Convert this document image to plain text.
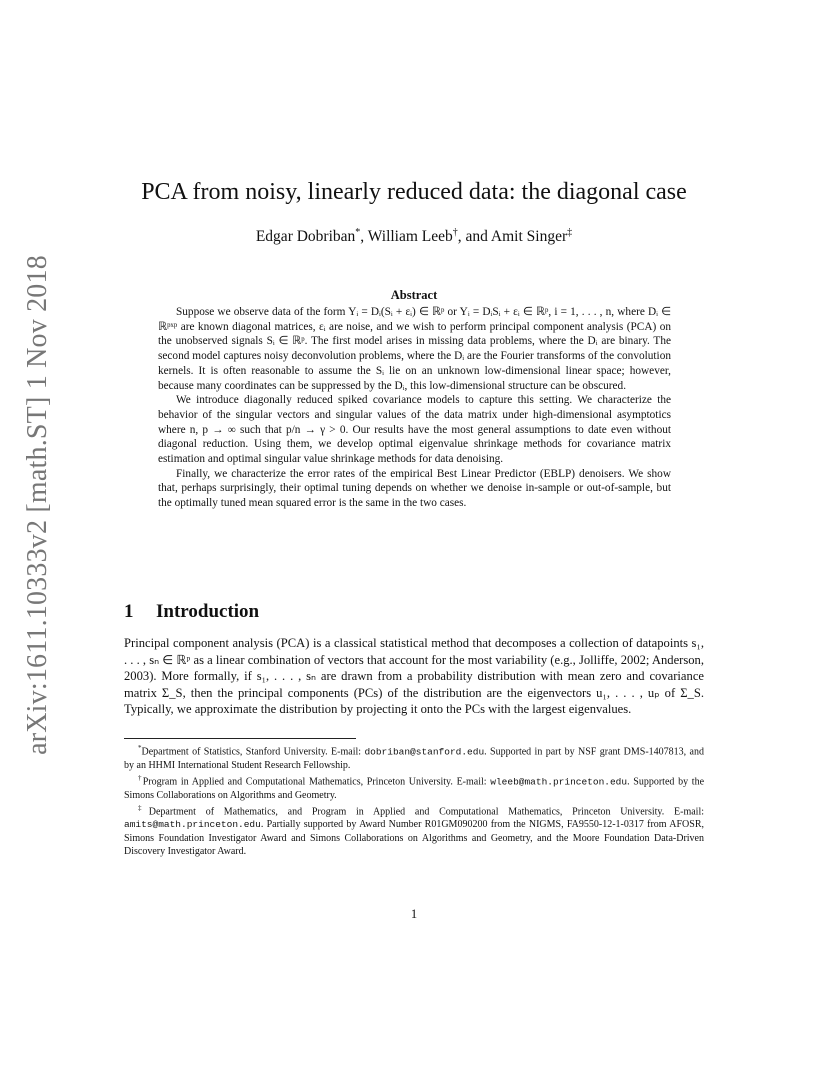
arXiv:1611.10333v2 [math.ST] 1 Nov 2018
PCA from noisy, linearly reduced data: the diagonal case
Edgar Dobriban*, William Leeb†, and Amit Singer‡
Abstract

Suppose we observe data of the form Yᵢ = Dᵢ(Sᵢ + εᵢ) ∈ ℝᵖ or Yᵢ = DᵢSᵢ + εᵢ ∈ ℝᵖ, i = 1, . . . , n, where Dᵢ ∈ ℝᵖˣᵖ are known diagonal matrices, εᵢ are noise, and we wish to perform principal component analysis (PCA) on the unobserved signals Sᵢ ∈ ℝᵖ. The first model arises in missing data problems, where the Dᵢ are binary. The second model captures noisy deconvolution problems, where the Dᵢ are the Fourier transforms of the convolution kernels. It is often reasonable to assume the Sᵢ lie on an unknown low-dimensional linear space; however, because many coordinates can be suppressed by the Dᵢ, this low-dimensional structure can be obscured.

We introduce diagonally reduced spiked covariance models to capture this setting. We characterize the behavior of the singular vectors and singular values of the data matrix under high-dimensional asymptotics where n, p → ∞ such that p/n → γ > 0. Our results have the most general assumptions to date even without diagonal reduction. Using them, we develop optimal eigenvalue shrinkage methods for covariance matrix estimation and optimal singular value shrinkage methods for data denoising.

Finally, we characterize the error rates of the empirical Best Linear Predictor (EBLP) denoisers. We show that, perhaps surprisingly, their optimal tuning depends on whether we denoise in-sample or out-of-sample, but the optimally tuned mean squared error is the same in the two cases.

1 Introduction

Principal component analysis (PCA) is a classical statistical method that decomposes a collection of datapoints s₁, . . . , sₙ ∈ ℝᵖ as a linear combination of vectors that account for the most variability (e.g., Jolliffe, 2002; Anderson, 2003). More formally, if s₁, . . . , sₙ are drawn from a probability distribution with mean zero and covariance matrix Σ_S, then the principal components (PCs) of the distribution are the eigenvectors u₁, . . . , uₚ of Σ_S. Typically, we approximate the distribution by projecting it onto the PCs with the largest eigenvalues.

*Department of Statistics, Stanford University. E-mail: dobriban@stanford.edu. Supported in part by NSF grant DMS-1407813, and by an HHMI International Student Research Fellowship.

†Program in Applied and Computational Mathematics, Princeton University. E-mail: wleeb@math.princeton.edu. Supported by the Simons Collaborations on Algorithms and Geometry.

‡Department of Mathematics, and Program in Applied and Computational Mathematics, Princeton University. E-mail: amits@math.princeton.edu. Partially supported by Award Number R01GM090200 from the NIGMS, FA9550-12-1-0317 from AFOSR, Simons Foundation Investigator Award and Simons Collaborations on Algorithms and Geometry, and the Moore Foundation Data-Driven Discovery Investigator Award.

1
